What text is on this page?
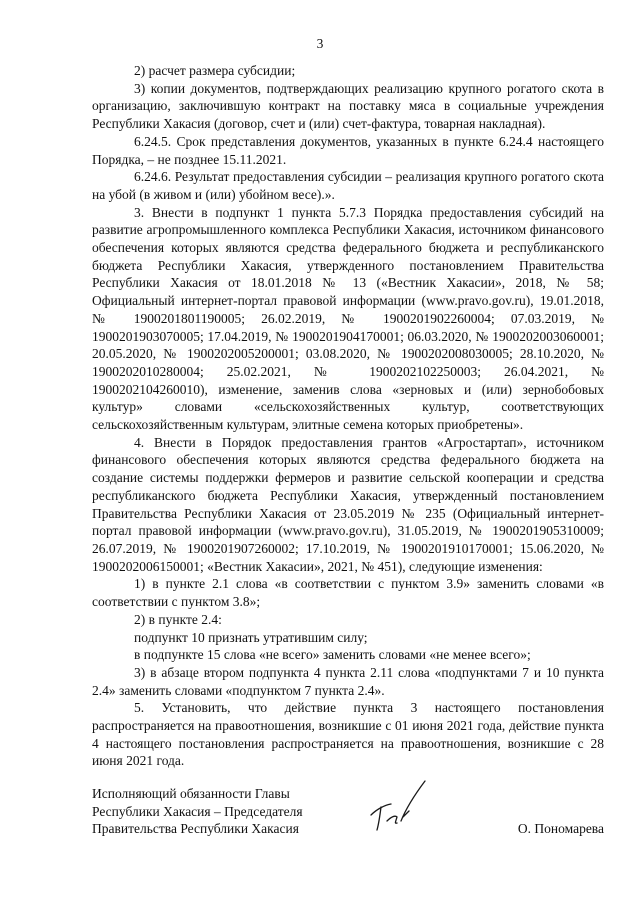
3

2) расчет размера субсидии;

3) копии документов, подтверждающих реализацию крупного рогатого скота в организацию, заключившую контракт на поставку мяса в социальные учреждения Республики Хакасия (договор, счет и (или) счет-фактура, товарная накладная).

6.24.5. Срок представления документов, указанных в пункте 6.24.4 настоящего Порядка, – не позднее 15.11.2021.

6.24.6. Результат предоставления субсидии – реализация крупного рогатого скота на убой (в живом и (или) убойном весе).».

3. Внести в подпункт 1 пункта 5.7.3 Порядка предоставления субсидий на развитие агропромышленного комплекса Республики Хакасия, источником финансового обеспечения которых являются средства федерального бюджета и республиканского бюджета Республики Хакасия, утвержденного постановлением Правительства Республики Хакасия от 18.01.2018 № 13 («Вестник Хакасии», 2018, № 58; Официальный интернет-портал правовой информации (www.pravo.gov.ru), 19.01.2018, № 1900201801190005; 26.02.2019, № 1900201902260004; 07.03.2019, № 1900201903070005; 17.04.2019, № 1900201904170001; 06.03.2020, № 1900202003060001; 20.05.2020, № 1900202005200001; 03.08.2020, № 1900202008030005; 28.10.2020, № 1900202010280004; 25.02.2021, № 1900202102250003; 26.04.2021, № 1900202104260010), изменение, заменив слова «зерновых и (или) зернобобовых культур» словами «сельскохозяйственных культур, соответствующих сельскохозяйственным культурам, элитные семена которых приобретены».

4. Внести в Порядок предоставления грантов «Агростартап», источником финансового обеспечения которых являются средства федерального бюджета на создание системы поддержки фермеров и развитие сельской кооперации и средства республиканского бюджета Республики Хакасия, утвержденный постановлением Правительства Республики Хакасия от 23.05.2019 № 235 (Официальный интернет-портал правовой информации (www.pravo.gov.ru), 31.05.2019, № 1900201905310009; 26.07.2019, № 1900201907260002; 17.10.2019, № 1900201910170001; 15.06.2020, № 1900202006150001; «Вестник Хакасии», 2021, № 451), следующие изменения:

1) в пункте 2.1 слова «в соответствии с пунктом 3.9» заменить словами «в соответствии с пунктом 3.8»;

2) в пункте 2.4:

подпункт 10 признать утратившим силу;

в подпункте 15 слова «не всего» заменить словами «не менее всего»;

3) в абзаце втором подпункта 4 пункта 2.11 слова «подпунктами 7 и 10 пункта 2.4» заменить словами «подпунктом 7 пункта 2.4».

5. Установить, что действие пункта 3 настоящего постановления распространяется на правоотношения, возникшие с 01 июня 2021 года, действие пункта 4 настоящего постановления распространяется на правоотношения, возникшие с 28 июня 2021 года.

Исполняющий обязанности Главы
Республики Хакасия – Председателя
Правительства Республики Хакасия	О. Пономарева
